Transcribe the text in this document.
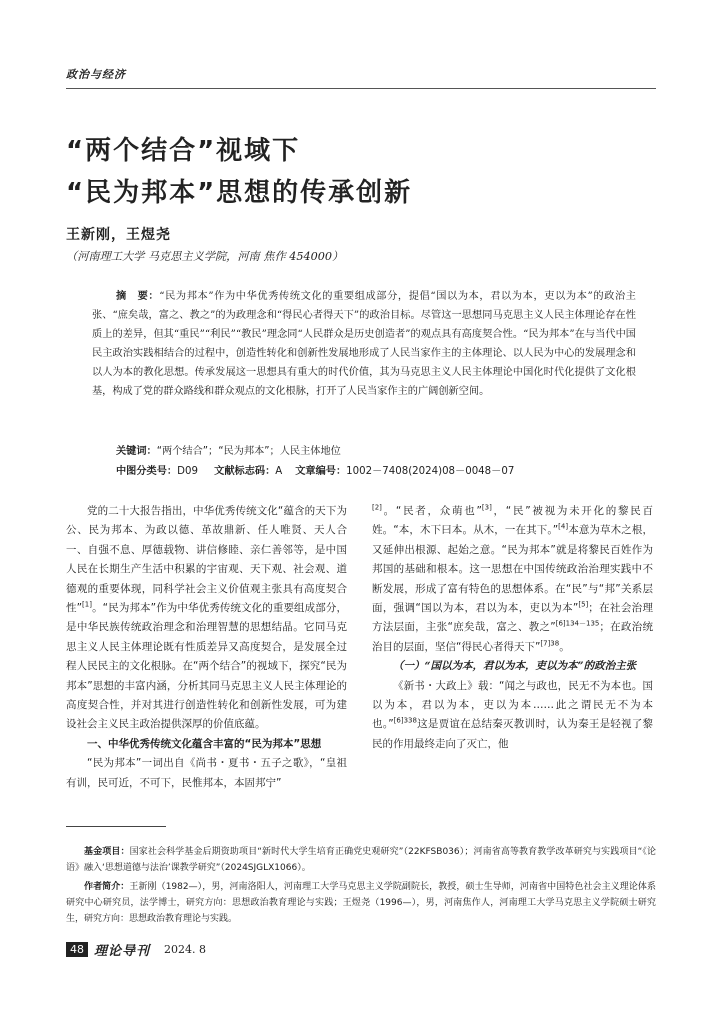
政治与经济
“两个结合”视域下
“民为邦本”思想的传承创新
王新刚，王煜尧
（河南理工大学 马克思主义学院，河南 焦作 454000）

摘　要：“民为邦本”作为中华优秀传统文化的重要组成部分，提倡“国以为本，君以为本，吏以为本”的政治主张、“庶矣哉，富之、教之”的为政理念和“得民心者得天下”的政治目标。尽管这一思想同马克思主义人民主体理论存在性质上的差异，但其“重民”“利民”“教民”理念同“人民群众是历史创造者”的观点具有高度契合性。“民为邦本”在与当代中国民主政治实践相结合的过程中，创造性转化和创新性发展地形成了人民当家作主的主体理论、以人民为中心的发展理念和以人为本的教化思想。传承发展这一思想具有重大的时代价值，其为马克思主义人民主体理论中国化时代化提供了文化根基，构成了党的群众路线和群众观点的文化根脉，打开了人民当家作主的广阔创新空间。

关键词：“两个结合”；“民为邦本”；人民主体地位
中图分类号：D09 文献标志码：A 文章编号：1002－7408(2024)08－0048－07

党的二十大报告指出，中华优秀传统文化“蕴含的天下为公、民为邦本、为政以德、革故鼎新、任人唯贤、天人合一、自强不息、厚德载物、讲信修睦、亲仁善邻等，是中国人民在长期生产生活中积累的宇宙观、天下观、社会观、道德观的重要体现，同科学社会主义价值观主张具有高度契合性”[1]。“民为邦本”作为中华优秀传统文化的重要组成部分，是中华民族传统政治理念和治理智慧的思想结晶。它同马克思主义人民主体理论既有性质差异又高度契合，是发展全过程人民民主的文化根脉。在“两个结合”的视域下，探究“民为邦本”思想的丰富内涵，分析其同马克思主义人民主体理论的高度契合性，并对其进行创造性转化和创新性发展，可为建设社会主义民主政治提供深厚的价值底蕴。

一、中华优秀传统文化蕴含丰富的“民为邦本”思想

“民为邦本”一词出自《尚书・夏书・五子之歌》，“皇祖有训，民可近，不可下，民惟邦本，本固邦宁”

[2]。“民者，众萌也”[3]，“民”被视为未开化的黎民百姓。“本，木下曰本。从木，一在其下。”[4]本意为草木之根，又延伸出根源、起始之意。“民为邦本”就是将黎民百姓作为邦国的基础和根本。这一思想在中国传统政治治理实践中不断发展，形成了富有特色的思想体系。在“民”与“邦”关系层面，强调“国以为本，君以为本，吏以为本”[5]；在社会治理方法层面，主张“庶矣哉，富之、教之”$^{[6]134-135}$；在政治统治目的层面，坚信“得民心者得天下”$^{[7]38}$。

（一）“国以为本，君以为本，吏以为本”的政治主张

《新书・大政上》载：“闻之与政也，民无不为本也。国以为本，君以为本，吏以为本……此之谓民无不为本也。”$^{[6]338}$这是贾谊在总结秦灭教训时，认为秦王是轻视了黎民的作用最终走向了灭亡，他

基金项目：国家社会科学基金后期资助项目“新时代大学生培育正确党史观研究”（22KFSB036）；河南省高等教育教学改革研究与实践项目“《论语》融入‘思想道德与法治’课教学研究”（2024SJGLX1066）。

作者简介：王新刚（1982—），男，河南洛阳人，河南理工大学马克思主义学院副院长，教授，硕士生导师，河南省中国特色社会主义理论体系研究中心研究员，法学博士，研究方向：思想政治教育理论与实践；王煜尧（1996—），男，河南焦作人，河南理工大学马克思主义学院硕士研究生，研究方向：思想政治教育理论与实践。

48 理论导刊 2024. 8
